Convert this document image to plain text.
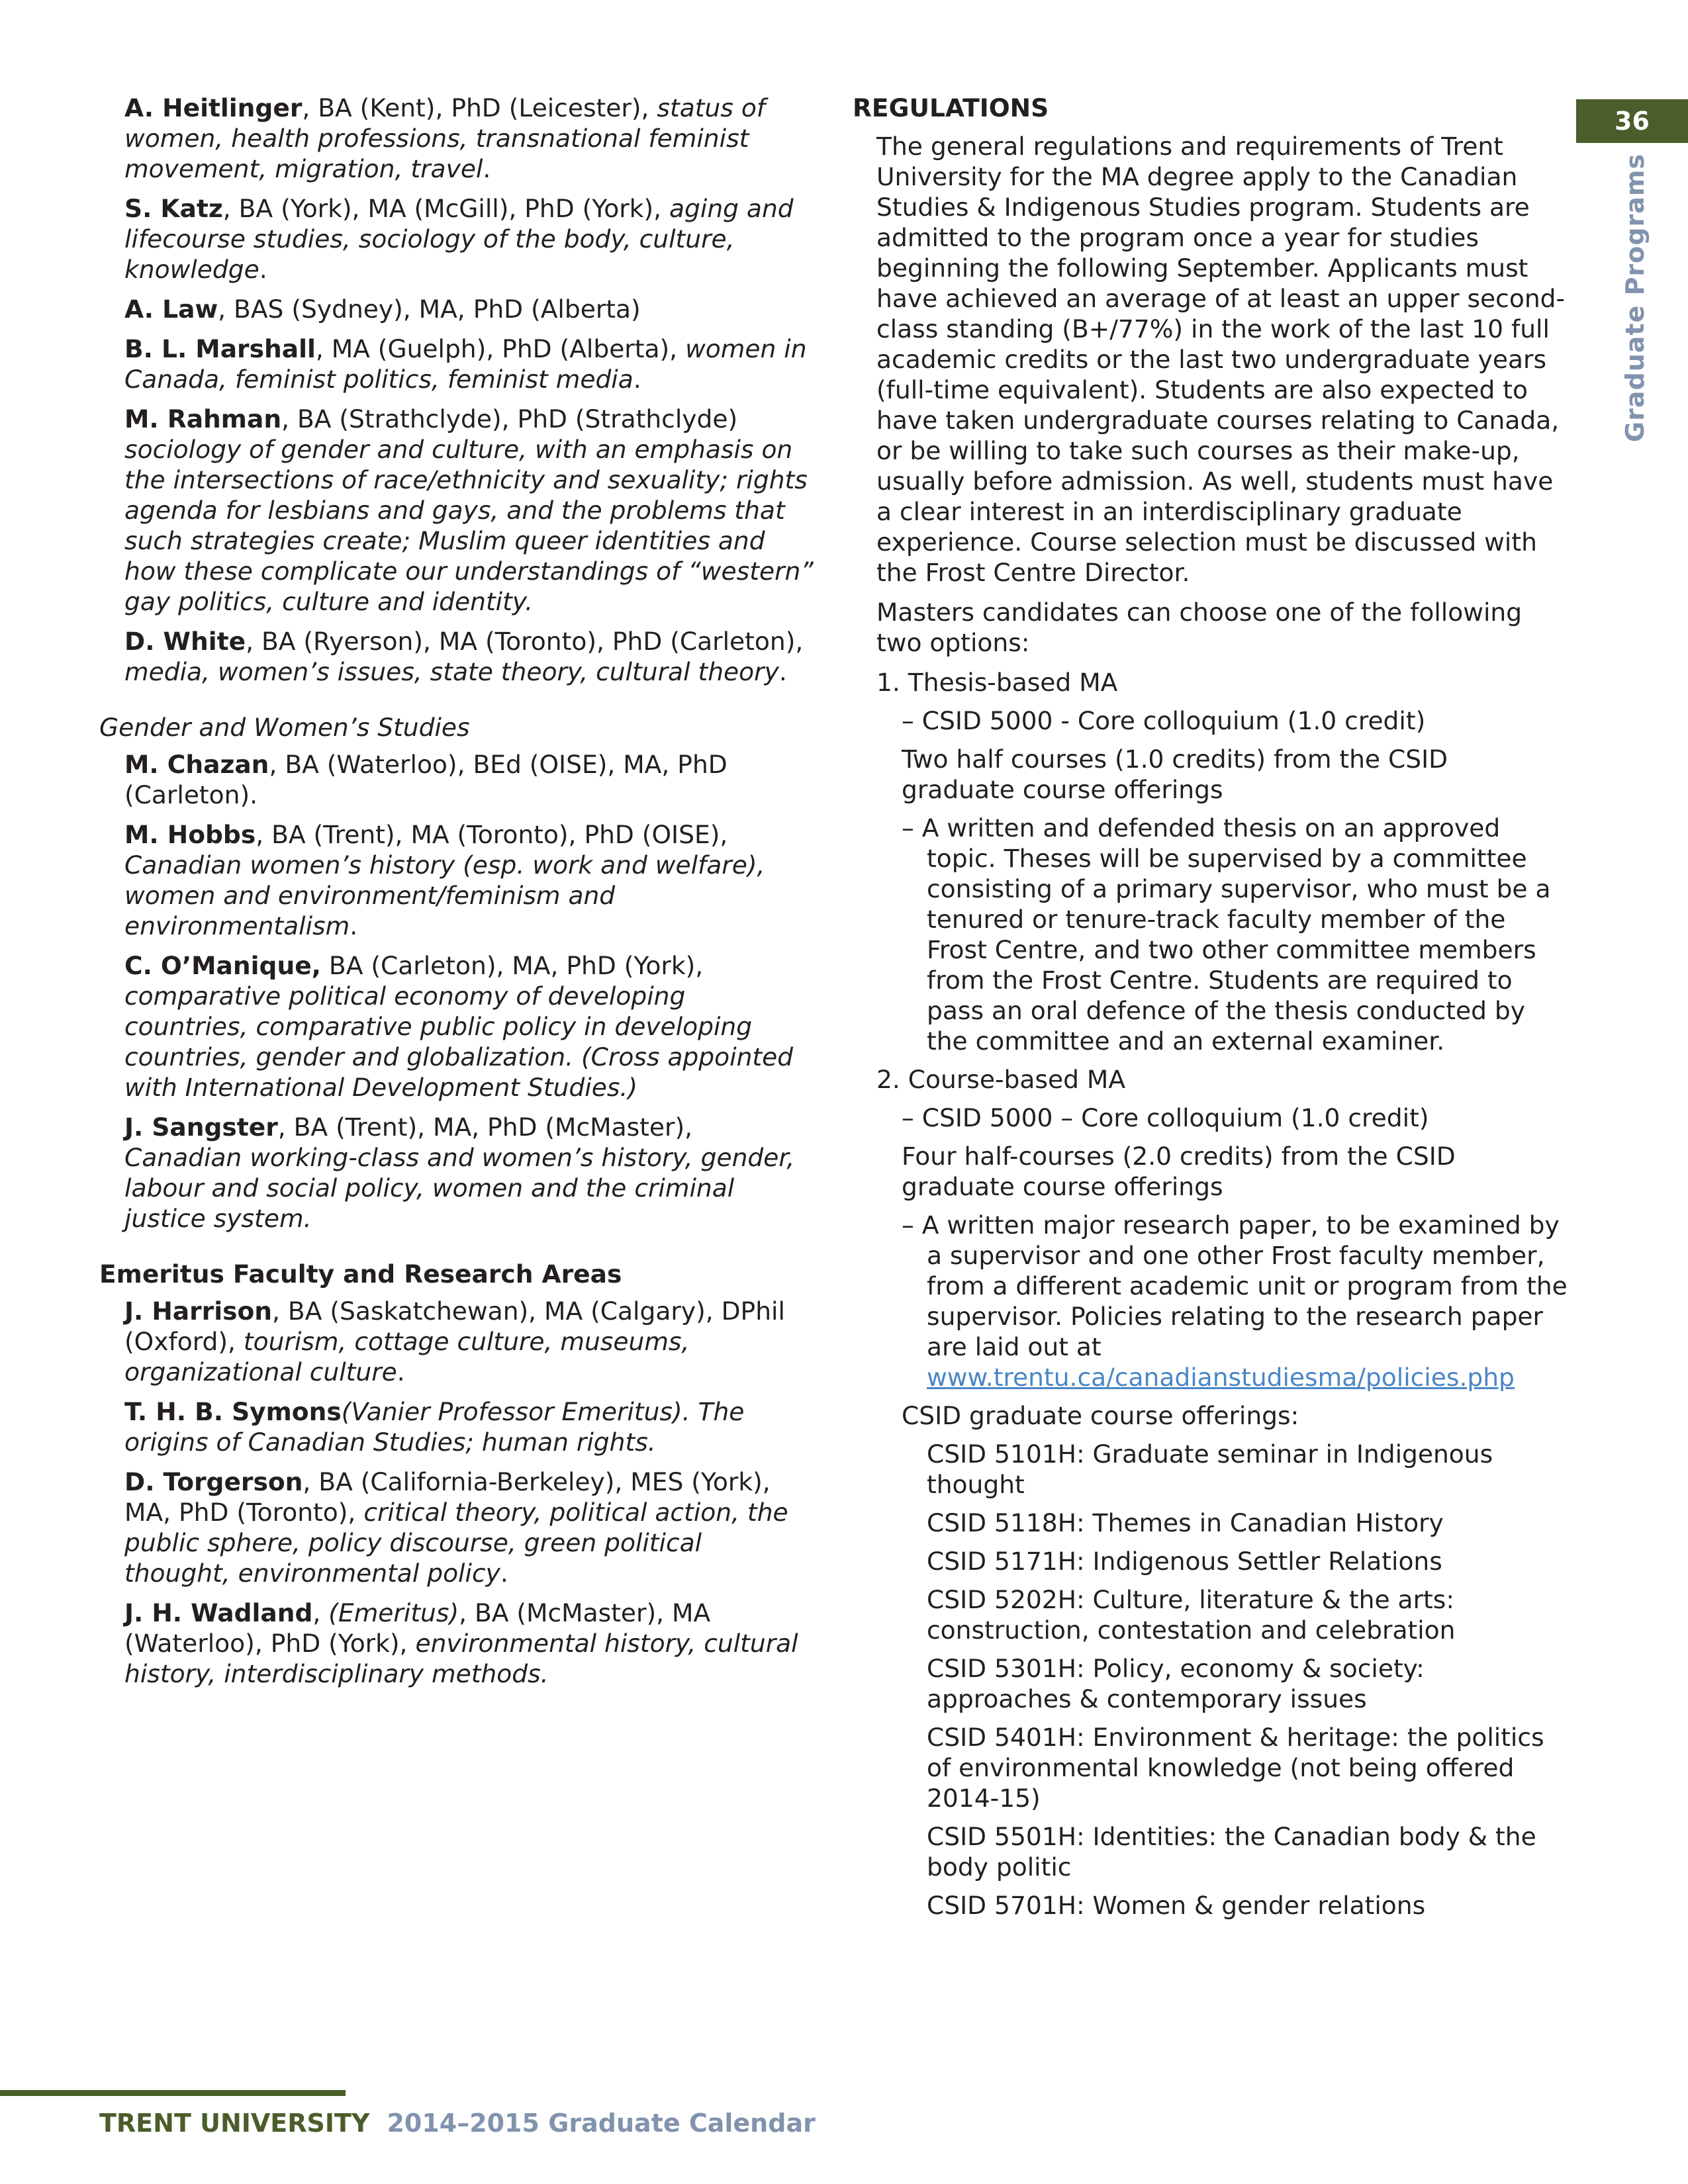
A. Heitlinger, BA (Kent), PhD (Leicester), status of women, health professions, transnational feminist movement, migration, travel.
S. Katz, BA (York), MA (McGill), PhD (York), aging and lifecourse studies, sociology of the body, culture, knowledge.
A. Law, BAS (Sydney), MA, PhD (Alberta)
B. L. Marshall, MA (Guelph), PhD (Alberta), women in Canada, feminist politics, feminist media.
M. Rahman, BA (Strathclyde), PhD (Strathclyde) sociology of gender and culture, with an emphasis on the intersections of race/ethnicity and sexuality; rights agenda for lesbians and gays, and the problems that such strategies create; Muslim queer identities and how these complicate our understandings of “western” gay politics, culture and identity.
D. White, BA (Ryerson), MA (Toronto), PhD (Carleton), media, women’s issues, state theory, cultural theory.
Gender and Women’s Studies
M. Chazan, BA (Waterloo), BEd (OISE), MA, PhD (Carleton).
M. Hobbs, BA (Trent), MA (Toronto), PhD (OISE), Canadian women’s history (esp. work and welfare), women and environment/feminism and environmentalism.
C. O’Manique, BA (Carleton), MA, PhD (York), comparative political economy of developing countries, comparative public policy in developing countries, gender and globalization. (Cross appointed with International Development Studies.)
J. Sangster, BA (Trent), MA, PhD (McMaster), Canadian working-class and women’s history, gender, labour and social policy, women and the criminal justice system.
Emeritus Faculty and Research Areas
J. Harrison, BA (Saskatchewan), MA (Calgary), DPhil (Oxford), tourism, cottage culture, museums, organizational culture.
T. H. B. Symons(Vanier Professor Emeritus). The origins of Canadian Studies; human rights.
D. Torgerson, BA (California-Berkeley), MES (York), MA, PhD (Toronto), critical theory, political action, the public sphere, policy discourse, green political thought, environmental policy.
J. H. Wadland, (Emeritus), BA (McMaster), MA (Waterloo), PhD (York), environmental history, cultural history, interdisciplinary methods.
REGULATIONS
The general regulations and requirements of Trent University for the MA degree apply to the Canadian Studies & Indigenous Studies program. Students are admitted to the program once a year for studies beginning the following September. Applicants must have achieved an average of at least an upper second-class standing (B+/77%) in the work of the last 10 full academic credits or the last two undergraduate years (full-time equivalent). Students are also expected to have taken undergraduate courses relating to Canada, or be willing to take such courses as their make-up, usually before admission. As well, students must have a clear interest in an interdisciplinary graduate experience. Course selection must be discussed with the Frost Centre Director.
Masters candidates can choose one of the following two options:
1. Thesis-based MA
– CSID 5000 - Core colloquium (1.0 credit)
Two half courses (1.0 credits) from the CSID graduate course offerings
– A written and defended thesis on an approved topic. Theses will be supervised by a committee consisting of a primary supervisor, who must be a tenured or tenure-track faculty member of the Frost Centre, and two other committee members from the Frost Centre. Students are required to pass an oral defence of the thesis conducted by the committee and an external examiner.
2. Course-based MA
– CSID 5000 – Core colloquium (1.0 credit)
Four half-courses (2.0 credits) from the CSID graduate course offerings
– A written major research paper, to be examined by a supervisor and one other Frost faculty member, from a different academic unit or program from the supervisor. Policies relating to the research paper are laid out at www.trentu.ca/canadianstudiesma/policies.php
CSID graduate course offerings:
CSID 5101H: Graduate seminar in Indigenous thought
CSID 5118H: Themes in Canadian History
CSID 5171H: Indigenous Settler Relations
CSID 5202H: Culture, literature & the arts: construction, contestation and celebration
CSID 5301H: Policy, economy & society: approaches & contemporary issues
CSID 5401H: Environment & heritage: the politics of environmental knowledge (not being offered 2014-15)
CSID 5501H: Identities: the Canadian body & the body politic
CSID 5701H: Women & gender relations
36
Graduate Programs
TRENT UNIVERSITY 2014–2015 Graduate Calendar
